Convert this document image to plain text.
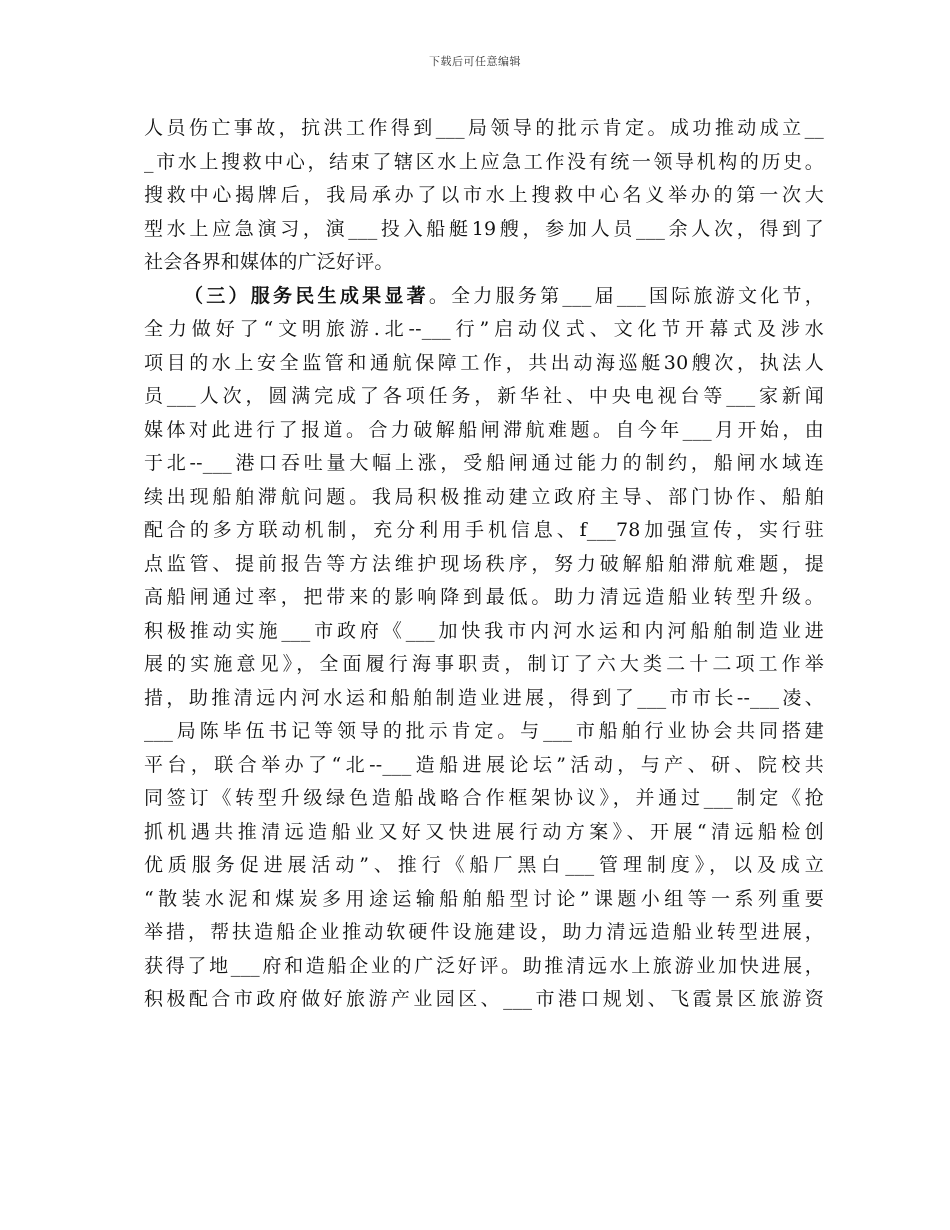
下载后可任意编辑
人员伤亡事故，抗洪工作得到___局领导的批示肯定。成功推动成立__
_市水上搜救中心，结束了辖区水上应急工作没有统一领导机构的历史。
搜救中心揭牌后，我局承办了以市水上搜救中心名义举办的第一次大
型水上应急演习，演___投入船艇19艘，参加人员___余人次，得到了
社会各界和媒体的广泛好评。
（三）服务民生成果显著。全力服务第___届___国际旅游文化节，
全力做好了“文明旅游.北--___行”启动仪式、文化节开幕式及涉水
项目的水上安全监管和通航保障工作，共出动海巡艇30艘次，执法人
员___人次，圆满完成了各项任务，新华社、中央电视台等___家新闻
媒体对此进行了报道。合力破解船闸滞航难题。自今年___月开始，由
于北--___港口吞吐量大幅上涨，受船闸通过能力的制约，船闸水域连
续出现船舶滞航问题。我局积极推动建立政府主导、部门协作、船舶
配合的多方联动机制，充分利用手机信息、f___78加强宣传，实行驻
点监管、提前报告等方法维护现场秩序，努力破解船舶滞航难题，提
高船闸通过率，把带来的影响降到最低。助力清远造船业转型升级。
积极推动实施___市政府《___加快我市内河水运和内河船舶制造业进
展的实施意见》，全面履行海事职责，制订了六大类二十二项工作举
措，助推清远内河水运和船舶制造业进展，得到了___市市长--___凌、
___局陈毕伍书记等领导的批示肯定。与___市船舶行业协会共同搭建
平台，联合举办了“北--___造船进展论坛”活动，与产、研、院校共
同签订《转型升级绿色造船战略合作框架协议》，并通过___制定《抢
抓机遇共推清远造船业又好又快进展行动方案》、开展“清远船检创
优质服务促进展活动”、推行《船厂黑白___管理制度》，以及成立
“散装水泥和煤炭多用途运输船舶船型讨论”课题小组等一系列重要
举措，帮扶造船企业推动软硬件设施建设，助力清远造船业转型进展，
获得了地___府和造船企业的广泛好评。助推清远水上旅游业加快进展，
积极配合市政府做好旅游产业园区、___市港口规划、飞霞景区旅游资
